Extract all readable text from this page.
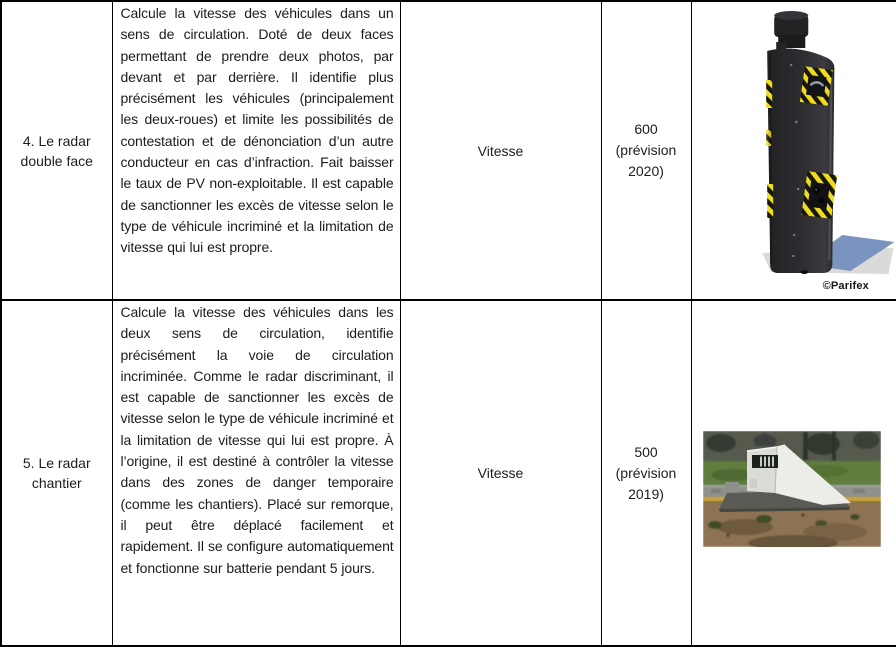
4. Le radar double face	Calcule la vitesse des véhicules dans un sens de circulation. Doté de deux faces permettant de prendre deux photos, par devant et par derrière. Il identifie plus précisément les véhicules (principalement les deux-roues) et limite les possibilités de contestation et de dénonciation d’un autre conducteur en cas d’infraction. Fait baisser le taux de PV non-exploitable. Il est capable de sanctionner les excès de vitesse selon le type de véhicule incriminé et la limitation de vitesse qui lui est propre.	Vitesse	600 (prévision 2020)	©Parifex

5. Le radar chantier	Calcule la vitesse des véhicules dans les deux sens de circulation, identifie précisément la voie de circulation incriminée. Comme le radar discriminant, il est capable de sanctionner les excès de vitesse selon le type de véhicule incriminé et la limitation de vitesse qui lui est propre. À l’origine, il est destiné à contrôler la vitesse dans des zones de danger temporaire (comme les chantiers). Placé sur remorque, il peut être déplacé facilement et rapidement. Il se configure automatiquement et fonctionne sur batterie pendant 5 jours.	Vitesse	500 (prévision 2019)	
